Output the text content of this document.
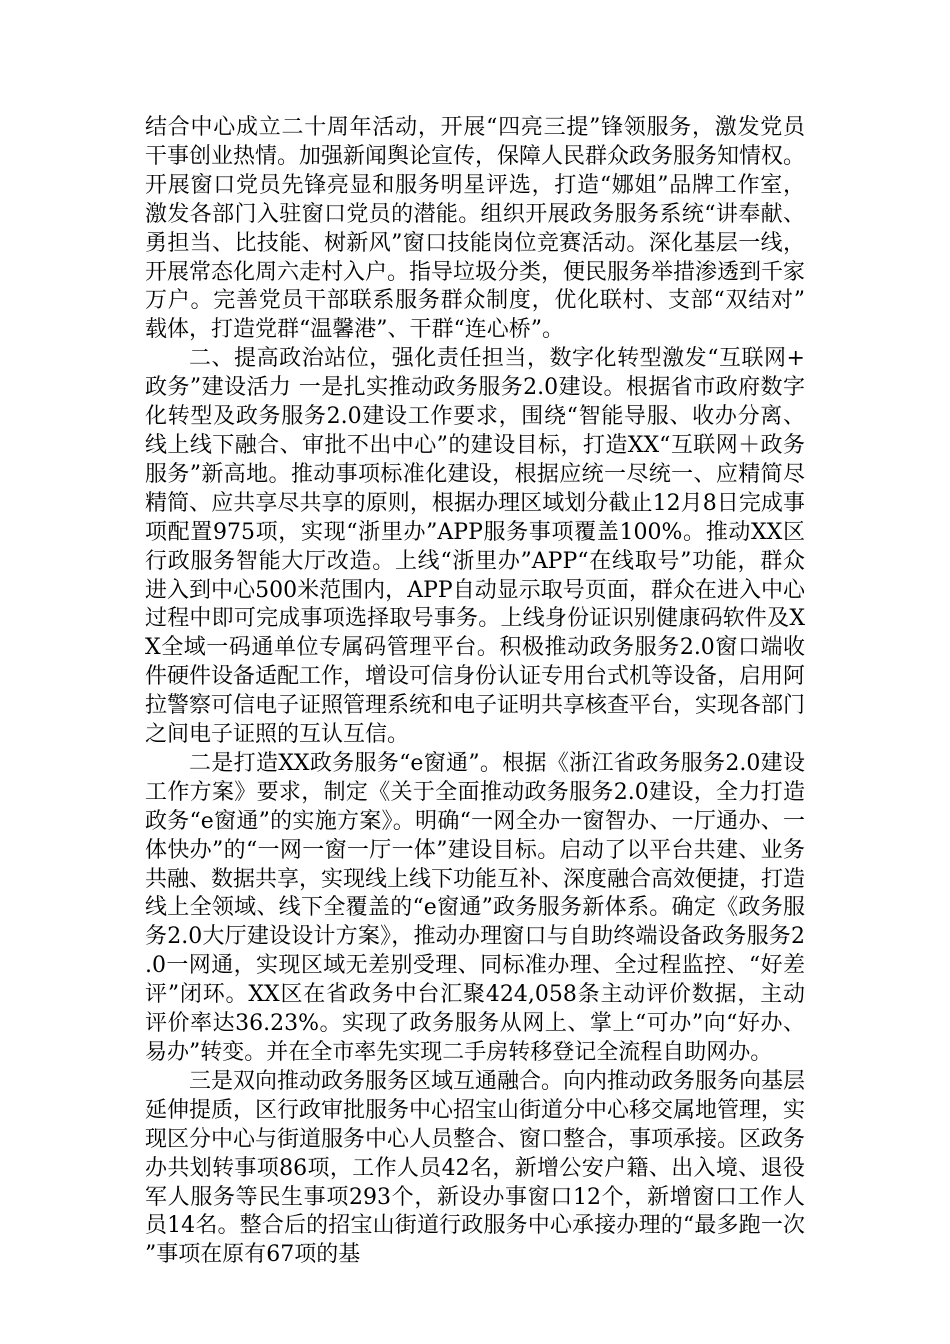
结合中心成立二十周年活动，开展“四亮三提”锋领服务，激发党员干事创业热情。加强新闻舆论宣传，保障人民群众政务服务知情权。开展窗口党员先锋亮显和服务明星评选，打造“娜姐”品牌工作室，激发各部门入驻窗口党员的潜能。组织开展政务服务系统“讲奉献、勇担当、比技能、树新风”窗口技能岗位竞赛活动。深化基层一线，开展常态化周六走村入户。指导垃圾分类，便民服务举措渗透到千家万户。完善党员干部联系服务群众制度，优化联村、支部“双结对”载体，打造党群“温馨港”、干群“连心桥”。

二、提高政治站位，强化责任担当，数字化转型激发“互联网+政务”建设活力 一是扎实推动政务服务2.0建设。根据省市政府数字化转型及政务服务2.0建设工作要求，围绕“智能导服、收办分离、线上线下融合、审批不出中心”的建设目标，打造XX“互联网＋政务服务”新高地。推动事项标准化建设，根据应统一尽统一、应精简尽精简、应共享尽共享的原则，根据办理区域划分截止12月8日完成事项配置975项，实现“浙里办”APP服务事项覆盖100%。推动XX区行政服务智能大厅改造。上线“浙里办”APP“在线取号”功能，群众进入到中心500米范围内，APP自动显示取号页面，群众在进入中心过程中即可完成事项选择取号事务。上线身份证识别健康码软件及XX全域一码通单位专属码管理平台。积极推动政务服务2.0窗口端收件硬件设备适配工作，增设可信身份认证专用台式机等设备，启用阿拉警察可信电子证照管理系统和电子证明共享核查平台，实现各部门之间电子证照的互认互信。

二是打造XX政务服务“e窗通”。根据《浙江省政务服务2.0建设工作方案》要求，制定《关于全面推动政务服务2.0建设，全力打造政务“e窗通”的实施方案》。明确“一网全办一窗智办、一厅通办、一体快办”的“一网一窗一厅一体”建设目标。启动了以平台共建、业务共融、数据共享，实现线上线下功能互补、深度融合高效便捷，打造线上全领域、线下全覆盖的“e窗通”政务服务新体系。确定《政务服务2.0大厅建设设计方案》，推动办理窗口与自助终端设备政务服务2.0一网通，实现区域无差别受理、同标准办理、全过程监控、“好差评”闭环。XX区在省政务中台汇聚424,058条主动评价数据，主动评价率达36.23%。实现了政务服务从网上、掌上“可办”向“好办、易办”转变。并在全市率先实现二手房转移登记全流程自助网办。

三是双向推动政务服务区域互通融合。向内推动政务服务向基层延伸提质，区行政审批服务中心招宝山街道分中心移交属地管理，实现区分中心与街道服务中心人员整合、窗口整合，事项承接。区政务办共划转事项86项，工作人员42名，新增公安户籍、出入境、退役军人服务等民生事项293个，新设办事窗口12个，新增窗口工作人员14名。整合后的招宝山街道行政服务中心承接办理的“最多跑一次”事项在原有67项的基
